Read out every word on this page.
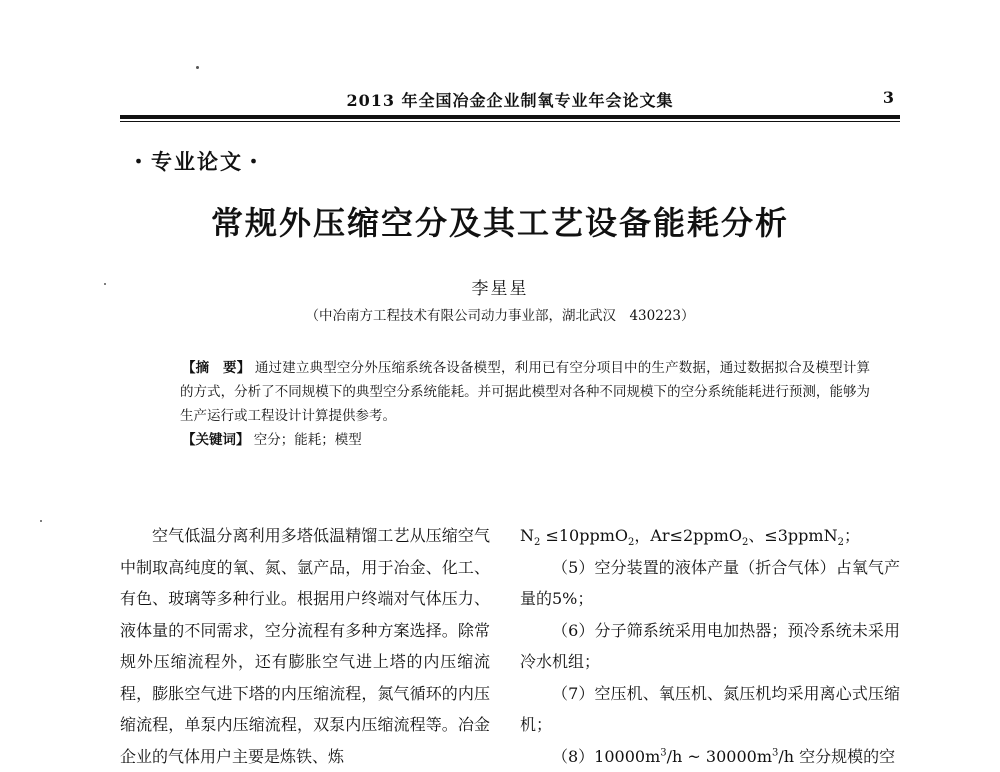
2013 年全国冶金企业制氧专业年会论文集	3
・专业论文・
常规外压缩空分及其工艺设备能耗分析
李星星
（中冶南方工程技术有限公司动力事业部，湖北武汉　430223）

【摘　要】 通过建立典型空分外压缩系统各设备模型，利用已有空分项目中的生产数据，通过数据拟合及模型计算的方式，分析了不同规模下的典型空分系统能耗。并可据此模型对各种不同规模下的空分系统能耗进行预测，能够为生产运行或工程设计计算提供参考。

【关键词】 空分；能耗；模型

空气低温分离利用多塔低温精馏工艺从压缩空气中制取高纯度的氧、氮、氩产品，用于冶金、化工、有色、玻璃等多种行业。根据用户终端对气体压力、液体量的不同需求，空分流程有多种方案选择。除常规外压缩流程外，还有膨胀空气进上塔的内压缩流程，膨胀空气进下塔的内压缩流程，氮气循环的内压缩流程，单泵内压缩流程，双泵内压缩流程等。冶金企业的气体用户主要是炼铁、炼

$N_2$ ≤10ppmO$_2$，Ar≤2ppmO$_2$、≤3ppmN$_2$；

（5）空分装置的液体产量（折合气体）占氧气产量的5%；

（6）分子筛系统采用电加热器；预冷系统未采用冷水机组；

（7）空压机、氧压机、氮压机均采用离心式压缩机；

$(8)10000m^3/h$ ~ $30000m^3/h$ 空分规模的空
